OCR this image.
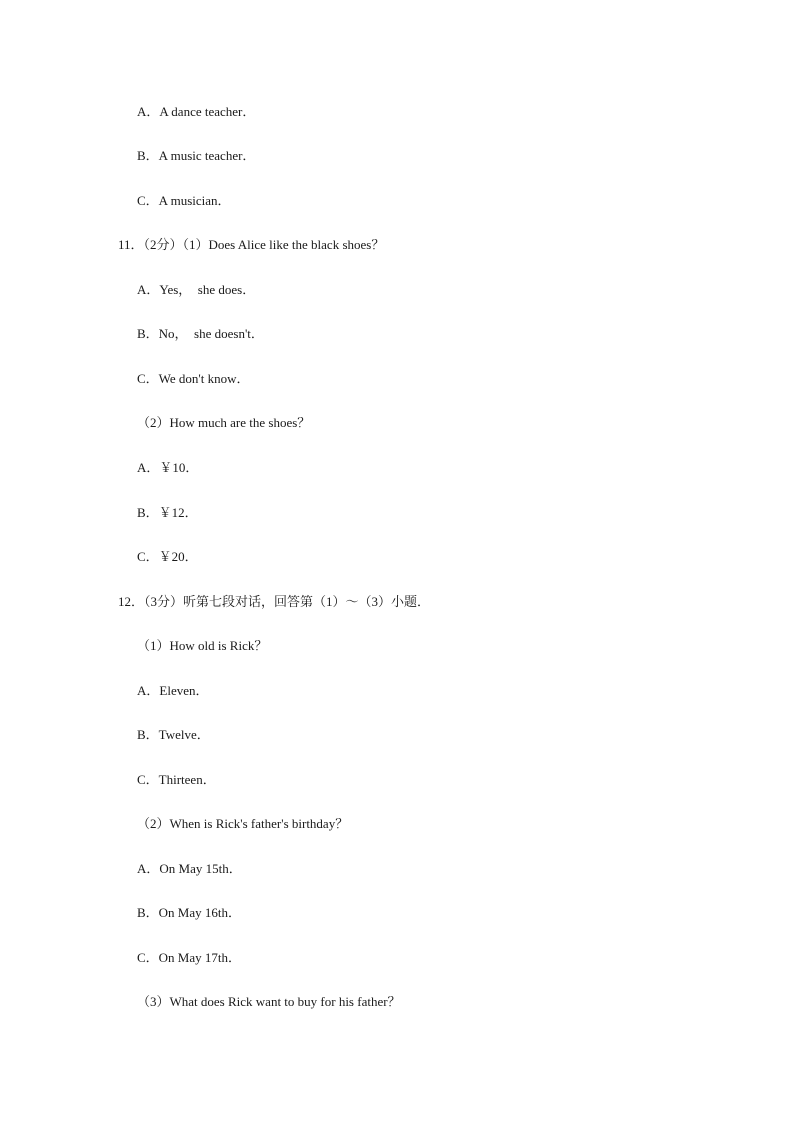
A．A dance teacher．
B．A music teacher．
C．A musician．
11．（2分）（1）Does Alice like the black shoes？
A．Yes，  she does．
B．No，  she doesn't．
C．We don't know．
（2）How much are the shoes？
A．￥10．
B．￥12．
C．￥20．
12．（3分）听第七段对话，回答第（1）～（3）小题．
（1）How old is Rick？
A．Eleven．
B．Twelve．
C．Thirteen．
（2）When is Rick's father's birthday？
A．On May 15th．
B．On May 16th．
C．On May 17th．
（3）What does Rick want to buy for his father？
